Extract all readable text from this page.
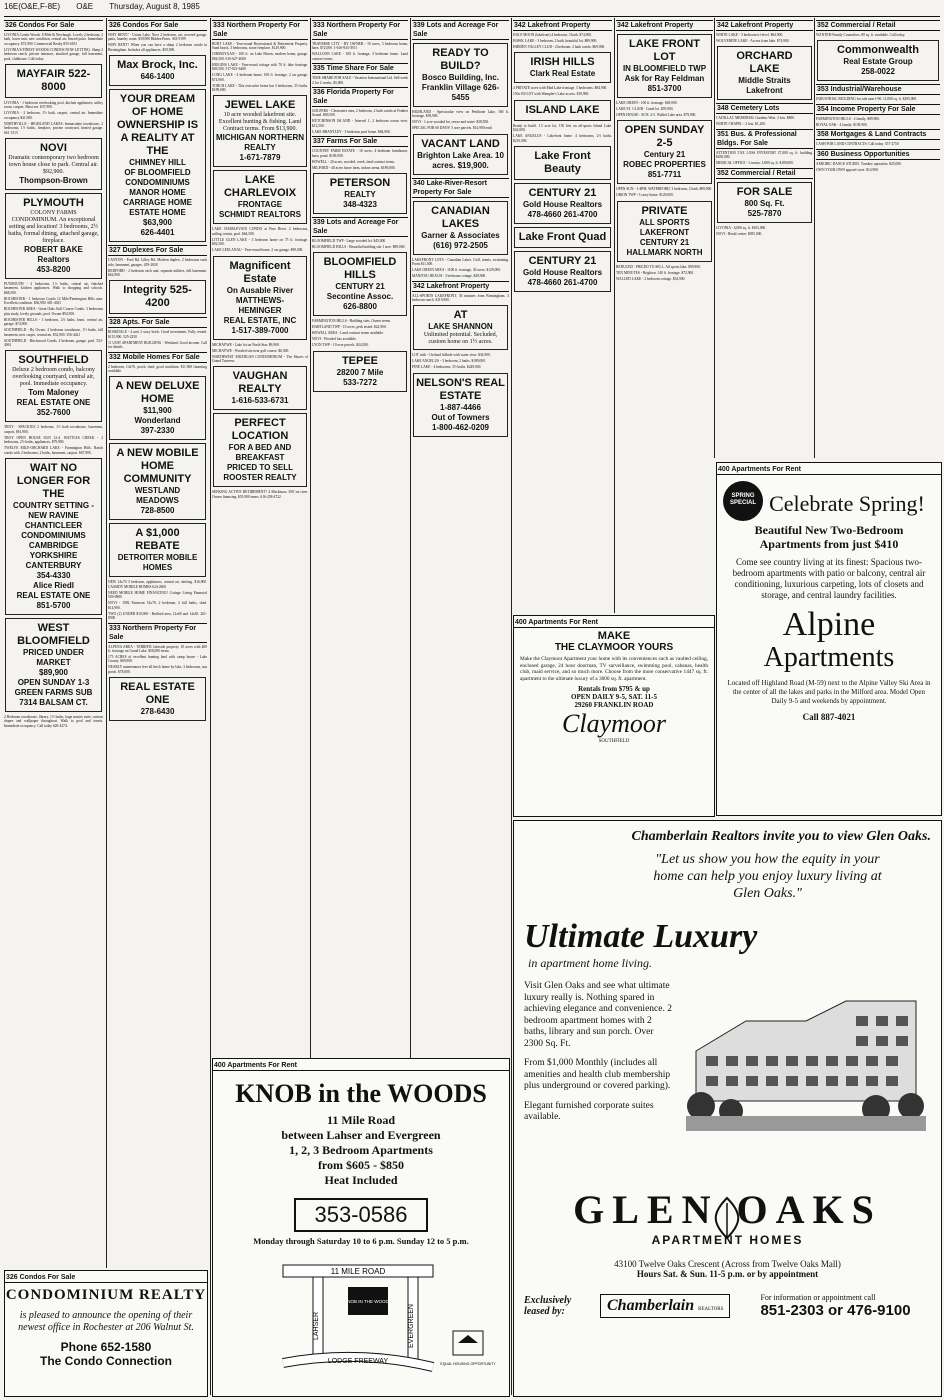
16E(O&E,F-8E) O&E Thursday, August 8, 1985
326 Condos For Sale

LIVONIA Condo Woods. 8 Mile & Newburgh. Lovely 2 bedroom, 2 bath, lower unit, new condition, central air, fenced patio. Immediate occupancy. $72,900. Commercial Realty 855-6181

LIVONIA'S FINEST WOODS CONDOS NOW LETTING. Sharp 2 bedroom ranch, private entrance, attached garage, full basement, pool, clubhouse. Call today.

MAYFAIR 522-8000

LIVONIA - 1 bedroom overlooking pool, kitchen appliances, utility room, carport. Must see. $37,900.

LIVONIA - 2 bedroom, 1½ bath, carport, central air. Immediate occupancy $41,900.

NORTHVILLE - HIGHLAND LAKES. Immaculate townhouse, 2 bedrooms, 1½ baths, fireplace, private courtyard, heated garage. 661-1515

NOVI
Dramatic contemporary two bedroom town house close to park. Central air. $92,900.
Thompson-Brown
PLYMOUTH
COLONY FARMS CONDOMINIUM. An exceptional setting and location! 3 bedrooms, 2½ baths, formal dining, attached garage, fireplace.
ROBERT BAKE
Realtors
453-8200

PLYMOUTH - 2 bedrooms, 1½ baths, central air, finished basement, kitchen appliances. Walk to shopping and schools. $68,500.

ROCHESTER - 1 bedroom Condo 12 Mile/Farmington Hills area. Excellent condition. $36,900. 681-4021

ROCHESTER AREA - Great Oaks Golf Course Condo. 3 bedrooms plus study, lovely grounds, pool. Owner $94,500.

ROCHESTER HILLS - 3 bedroom, 2½ baths, bsmt, central air, garage. $74,900.

SOUTHFIELD - By Owner. 2 bedroom townhouse, 1½ baths, full basement, new carpet, central air. $52,900. 356-4421

SOUTHFIELD - Birchwood Condo, 2 bedroom, garage, pool. 552-4061

SOUTHFIELD
Deluxe 2 bedroom condo, balcony overlooking courtyard, central air, pool. Immediate occupancy.
Tom Maloney
REAL ESTATE ONE
352-7600

TROY - SPACIOUS 2 bedroom, 1½ bath townhouse, basement, carport, $61,900.

TROY OPEN HOUSE SUN 12-4. WATTLES CREEK - 2 bedrooms, 2½ baths, appliances. $79,900.

TWELVE MILE-ORCHARD LAKE - Farmington Hills. Ranch condo with 2 bedrooms, 2 baths, basement, carport. $67,900.

WAIT NO LONGER FOR THE
COUNTRY SETTING - NEW RAVINE
CHANTICLEER CONDOMINIUMS
CAMBRIDGE
YORKSHIRE
CANTERBURY
354-4330
Alice Riedl
REAL ESTATE ONE
851-5700
WEST BLOOMFIELD
PRICED UNDER MARKET
$89,900
OPEN SUNDAY 1-3
GREEN FARMS SUB
7314 BALSAM CT.

2 Bedroom townhouse, library, 1½ baths, large master suite, custom drapes and wallpaper throughout. Walk to pool and tennis. Immediate occupancy. Call today 626-4474.

326 Condos For Sale

WHY RENT? - Union Lake, Novi 2 bedroom, air, covered garage, patio, laundry room. $39,900 Hidden Pines. 363-9199

WHY RENT? When you can have a sharp 2 bedroom condo in Birmingham. Includes all appliances. $59,900.

Max Brock, Inc.
646-1400
YOUR DREAM OF HOME OWNERSHIP IS A REALITY AT THE
CHIMNEY HILL
OF BLOOMFIELD
CONDOMINIUMS
MANOR HOME
CARRIAGE HOME
ESTATE HOME
$63,900
626-4401
327 Duplexes For Sale

CANTON - Ford Rd. Lilley Rd. Modern duplex, 2 bedrooms each side, basement, garages. 459-2828

REDFORD - 2 bedroom each unit, separate utilities, full basement. $62,900.

Integrity 525-4200
328 Apts. For Sale

ROSEDALE - 4 unit 2 story brick. Good investment. Fully rented. $115,900. 525-2250

11 UNIT APARTMENT BUILDING - Westland. Good income. Call for details.

332 Mobile Homes For Sale

2 bedroom, 14x70, porch, shed, good condition. $11,900 financing available.

A NEW DELUXE HOME
$11,900
Wonderland
397-2330
A NEW MOBILE HOME COMMUNITY
WESTLAND
MEADOWS
728-8500
A $1,000 REBATE
DETROITER MOBILE HOMES

NEW 14x70 3 bedroom, appliances, central air, skirting. $16,900. CASSIDY MOBILE HOMES 624-2600

NEED MOBILE HOME FINANCING? Cottage Living Financial 559-0880

NOVI - 1982 Fairmont 14x70, 2 bedroom, 2 full baths, shed. $14,900.

TWO (2) UNDER $10,000 - Redford area, 12x60 and 14x65. 261-8500

333 Northern Property For Sale

ALPENA AREA - TERRIFIC lakeside property. 10 acres with 400 ft. frontage on Grand Lake. $58,000 terms.

173 ACRES of excellent hunting land with camp house - Lake County. $69,000.

NEARLY maintenance free all brick home by lake, 3 bedrooms, sun porch. $78,000.

REAL ESTATE ONE
278-6430
333 Northern Property For Sale

BURT LAKE - Year-round Recreational & Retirement Property. Sand beach, 3 bedrooms, stone fireplace. $129,900.

CHEBOYGAN - 100 ft. on Lake Huron, modern home, garage. $84,500. 616-627-4000

HIGGINS LAKE - Year-round cottage with 70 ft. lake frontage. $69,500. 517-821-6400

LONG LAKE - 4 bedroom home, 100 ft. frontage, 2 car garage. $74,900.

TORCH LAKE - This executive home has 3 bedrooms, 3½ baths. $189,000.

JEWEL LAKE
10 acre wooded lakefront site. Excellent hunting & fishing. Land Contract terms. From $13,900.
MICHIGAN NORTHERN REALTY
1-671-7879
LAKE CHARLEVOIX
FRONTAGE
SCHMIDT REALTORS

LAKE CHARLEVOIX CONDO at Pine River. 2 bedrooms, sailing, tennis, pool. $64,500.

LITTLE GLEN LAKE - 3 bedroom home on 75 ft. frontage. $92,500.

LAKE LEELANAU - Year-round home, 2 car garage. $99,000.

Magnificent Estate
On Ausable River
MATTHEWS-HEMINGER
REAL ESTATE, INC
1-517-389-7000

MICHAYWE - Lake lot on North Star. $9,900.

MICHAYWE - Wooded site near golf course. $6,500.

NORTHWEST MICHIGAN CONDOMINIUM - The Shores of Grand Traverse.

VAUGHAN REALTY
1-616-533-6731
PERFECT LOCATION
FOR A BED AND BREAKFAST
PRICED TO SELL
ROOSTER REALTY

SEEKING ACTIVE RETIREMENT? 4 Mackinaw, 300' on river. Owner financing. $55,900 terms. 616-258-4722

333 Northern Property For Sale

TRAVERSE CITY - BY OWNER - 10 acres, 3 bedroom home, barn. $72,000. 1-616-943-3911

WALLOON LAKE - 100 ft. frontage, 3 bedroom home. Land contract terms.

335 Time Share For Sale

TIME SHARE FOR SALE - Vacation International Ltd. Sell week 2 for 2 weeks. $5,000.

336 Florida Property For Sale

GOLFERS - Clearwater area, 2 bedroom, 2 bath condo at Feather Sound. $69,500.

HUTCHINSON ISLAND - Interval 1, 2 bedroom ocean view. $12,500.

LAKE BRANTLEY - 3 bedroom pool home. $84,900.

337 Farms For Sale

COUNTRY FARM ESTATE - 10 acres, 4 bedroom farmhouse, barn, pond. $109,000.

HOWELL - 20 acres, wooded, creek, land contract terms.

MILFORD - 40 acres horse farm, indoor arena. $189,000.

PETERSON
REALTY
348-4323
339 Lots and Acreage For Sale

BLOOMFIELD TWP - Large wooded lot. $45,000.

BLOOMFIELD HILLS - Beautiful building site 1 acre. $89,000.

BLOOMFIELD HILLS
CENTURY 21
Secontine Assoc.
626-8800

FARMINGTON HILLS - Building sites. Owner terms.

HARTLAND TWP - 10 acres, perk tested. $22,900.

HOWELL AREA - Land contract terms available.

NOVI - Wooded lots available.

LYON TWP - 10 acre parcels. $24,500.

TEPEE
28200 7 Mile
533-7272
339 Lots and Acreage For Sale
READY TO BUILD?
Bosco Building, Inc.
Franklin Village 626-5455

HIGHLAND - Spectacular view on Pettibone Lake, 160 ft. frontage. $39,900.

NOVI - 1 acre wooded lot, sewer and water. $38,500.

SPECIAL FOR 60 DAYS! 5 acre parcels. $14,900 each.

VACANT LAND
Brighton Lake Area. 10 acres. $19,900.
340 Lake-River-Resort Property For Sale
CANADIAN LAKES
Garner & Associates
(616) 972-2505

LAKEFRONT LOTS - Canadian Lakes. Golf, tennis, swimming. From $11,500.

LAKE ORION AREA - 1100 ft. frontage, 30 acres. $129,000.

MANITOU BEACH - 3 bedroom cottage. $49,900.

342 Lakefront Property

ALL-SPORTS LAKEFRONT, 30 minutes from Birmingham. 3 bedroom ranch. $119,900.

AT
LAKE SHANNON
Unlimited potential. Secluded, custom home on 1½ acres.

LOT with - Orchard hillside with water view. $34,900.

LAKE ANGELUS - 3 bedroom, 2 baths. $189,000.

PINE LAKE - 4 bedrooms, 3½ baths. $249,000.

NELSON'S REAL ESTATE
1-887-4466
Out of Towners
1-800-462-0209
342 Lakefront Property

HALF MOON (lakefront) 4 bedroom, 3 bath. $74,900.

HAWK LAKE - 3 bedroom, 2 bath, beautiful lot. $89,900.

HIDDEN VALLEY CLUB - 2 bedroom, 2 bath condo. $69,900.

IRISH HILLS
Clark Real Estate

4 PRIVATE acres with Mud Lake frontage. 3 bedrooms. $84,900.

150x150 LOT with Wampler's Lake access. $18,900.

ISLAND LAKE

Ready to build. 1.5 acre lot, 150 feet on all-sports Island Lake. $42,000.

LAKE ANGELUS - Lakefront home. 4 bedrooms, 2½ baths. $210,000.

Lake Front Beauty
CENTURY 21
Gold House Realtors
478-4660 261-4700
Lake Front Quad
CENTURY 21
Gold House Realtors
478-4660 261-4700
342 Lakefront Property
LAKE FRONT LOT
IN BLOOMFIELD TWP
Ask for Ray Feldman
851-3700

LAKE ORION - 100 ft. frontage. $49,000.

LAKE ST. CLAIR - Canal lot. $59,900.

OPEN HOUSE - SUN. 2-5. Walled Lake area. $79,900.

OPEN SUNDAY 2-5
Century 21
ROBEC PROPERTIES
851-7711

OPEN SUN - 1-4PM. WATERFORD. 3 bedroom, 2 bath. $89,900.

ORION TWP - 3 story home. $129,000.

PRIVATE
ALL SPORTS LAKEFRONT
CENTURY 21 HALLMARK NORTH

REDUCED - PRICED TO SELL. All sports lake. $99,900.

TEN MINUTES - Brighton. 140 ft. frontage. $72,900.

WALLED LAKE - 2 bedroom cottage. $54,900.

342 Lakefront Property

WHITE LAKE - 3 bedroom tri-level. $84,900.

WOLVERINE LAKE - Across from lake. $74,900.

ORCHARD LAKE
Middle Straits Lakefront
348 Cemetery Lots

CADILLAC MEMORIAL Gardens West. 2 lots. $800.

WHITE CHAPEL - 2 lots. $1,200.

351 Bus. & Professional Bldgs. For Sale

ATTENTION TAX LOSS INVESTOR! 27,000 sq. ft. building. $450,000.

MEDICAL OFFICE - Livonia. 3,800 sq. ft. $189,000.

352 Commercial / Retail
FOR SALE
800 Sq. Ft.
525-7870

LIVONIA - 4,000 sq. ft. $165,000.

NOVI - Retail center. $395,000.

352 Commercial / Retail

WANTED-Family Counselors. 80 sq. ft. available. Call today.

Commonwealth
Real Estate Group
258-0022
353 Industrial/Warehouse

INDUSTRIAL BUILDING for sale near I-96. 11,000 sq. ft. $295,000.

354 Income Property For Sale

FARMINGTON HILLS - 2 family. $89,900.

ROYAL OAK - 4 family. $139,900.

358 Mortgages & Land Contracts

CASH FOR LAND CONTRACTS. Call today. 557-2750

360 Business Opportunities

AEROBIC DANCE STUDIO. Turnkey operation. $25,000.

OWN YOUR OWN apparel store. $14,900.

326 Condos For Sale
CONDOMINIUM REALTY
is pleased to announce the opening of their newest office in Rochester at 206 Walnut St.
Phone 652-1580
The Condo Connection
400 Apartments For Rent
KNOB in the WOODS
11 Mile Road
between Lahser and Evergreen
1, 2, 3 Bedroom Apartments
from $605 - $850
Heat Included
353-0586
Monday through Saturday 10 to 6 p.m. Sunday 12 to 5 p.m.
11 MILE ROAD
LAHSER	EVERGREEN
KNOB IN THE WOODS
LODGE FREEWAY	EQUAL HOUSING OPPORTUNITY
400 Apartments For Rent
MAKE
THE CLAYMOOR YOURS
Make the Claymoor Apartment your home with its conveniences such as vaulted ceiling, enclosed garage, 24 hour doorman, TV surveillance, swimming pool, cabanas, health club, maid service, and so much more. Choose from the more conservative 1447 sq. ft. apartment to the ultimate luxury of a 3000 sq. ft. apartment.
Rentals from $795 & up
OPEN DAILY 9-5, SAT. 11-5
29260 FRANKLIN ROAD
Claymoor
SOUTHFIELD
400 Apartments For Rent
SPRING SPECIAL Celebrate Spring!
Beautiful New Two-Bedroom Apartments from just $410
Come see country living at its finest: Spacious two-bedroom apartments with patio or balcony, central air conditioning, luxurious carpeting, lots of closets and storage, and central laundry facilities.
Alpine
Apartments
Located off Highland Road (M-59) next to the Alpine Valley Ski Area in the center of all the lakes and parks in the Milford area. Model Open Daily 9-5 and weekends by appointment.
Call 887-4021
Chamberlain Realtors invite you to view Glen Oaks.
"Let us show you how the equity in your home can help you enjoy luxury living at Glen Oaks."
Ultimate Luxury
in apartment home living.
Visit Glen Oaks and see what ultimate luxury really is. Nothing spared in achieving elegance and convenience. 2 bedroom apartment homes with 2 baths, library and sun porch. Over 2300 Sq. Ft.
From $1,000 Monthly (includes all amenities and health club membership plus underground or covered parking).
Elegant furnished corporate suites available.
GLEN OAKS
APARTMENT HOMES
43100 Twelve Oaks Crescent (Across from Twelve Oaks Mall)
Hours Sat. & Sun. 11-5 p.m. or by appointment
Exclusively leased by:	Chamberlain REALTORS
For information or appointment call
851-2303 or 476-9100
